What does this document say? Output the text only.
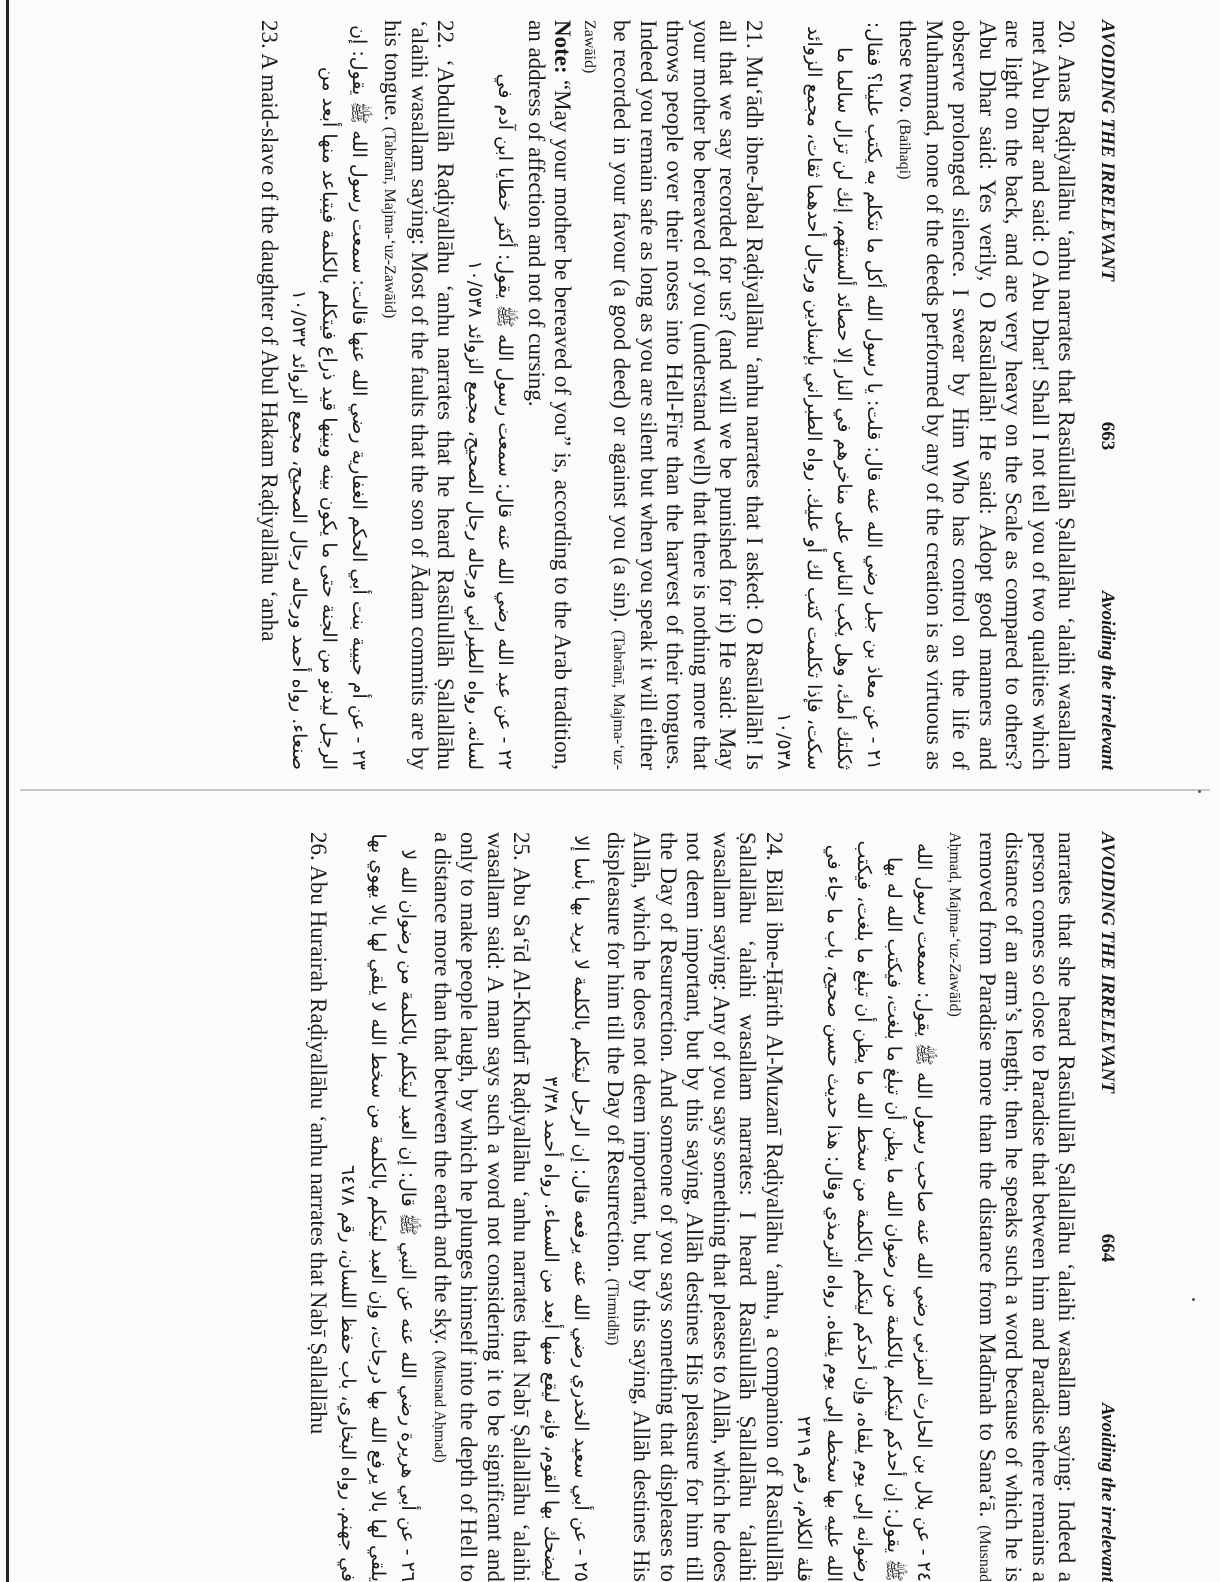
AVOIDING THE IRRELEVANT
663
Avoiding the irrelevant

20. Anas Raḍiyallāhu ‘anhu narrates that Rasūlullāh Ṣallallāhu ‘alaihi wasallam met Abu Dhar and said: O Abu Dhar! Shall I not tell you of two qualities which are light on the back, and are very heavy on the Scale as compared to others? Abu Dhar said: Yes verily, O Rasūlallāh! He said: Adopt good manners and observe prolonged silence. I swear by Him Who has control on the life of Muhammad, none of the deeds performed by any of the creation is as virtuous as these two. (Baihaqi)

٢١ - عن معاذ بن جبل رضي الله عنه قال: قلت: يا رسول الله أكل ما نتكلم به يكتب علينا؟ فقال: ثكلتك أمك، وهل يكب الناس على مناخرهم في النار إلا حصائد ألسنتهم، إنك لن تزال سالما ما سكت، فإذا تكلمت كتب لك أو عليك. رواه الطبراني بإسنادين ورجال أحدهما ثقات، مجمع الزوائد ١٠/٥٣٨

21. Mu‘ādh ibne-Jabal Raḍiyallāhu ‘anhu narrates that I asked: O Rasūlallāh! Is all that we say recorded for us? (and will we be punished for it) He said: May your mother be bereaved of you (understand well) that there is nothing more that throws people over their noses into Hell-Fire than the harvest of their tongues. Indeed you remain safe as long as you are silent but when you speak it will either be recorded in your favour (a good deed) or against you (a sin). (Tabrānī, Majma-‘uz-Zawāid)

Note: “May your mother be bereaved of you” is, according to the Arab tradition, an address of affection and not of cursing.

٢٢ - عن عبد الله رضي الله عنه قال: سمعت رسول الله ﷺ يقول: أكثر خطايا ابن آدم في لسانه. رواه الطبراني ورجاله رجال الصحيح، مجمع الزوائد ١٠/٥٣٨

22. ‘Abdullāh Raḍiyallāhu ‘anhu narrates that he heard Rasūlullāh Ṣallallāhu ‘alaihi wasallam saying: Most of the faults that the son of Ādam commits are by his tongue. (Tabrānī, Majma-‘uz-Zawāid)

٢٣ - عن أم حبيبة بنت أبي الحكم الغفارية رضي الله عنها قالت: سمعت رسول الله ﷺ يقول: إن الرجل ليدنو من الجنة حتى ما يكون بينه وبينها قيد ذراع فيتكلم بالكلمة فيتباعد منها أبعد من صنعاء. رواه أحمد ورجاله رجال الصحيح، مجمع الزوائد ١٠/٥٣٢

23. A maid-slave of the daughter of Abul Hakam Raḍiyallāhu ‘anha

AVOIDING THE IRRELEVANT
664
Avoiding the irrelevant

narrates that she heard Rasūlullāh Ṣallallāhu ‘alaihi wasallam saying: Indeed a person comes so close to Paradise that between him and Paradise there remains a distance of an arm’s length; then he speaks such a word because of which he is removed from Paradise more than the distance from Madīnah to Sana‘ā. (Musnad Aḥmad, Majma-‘uz-Zawāid)

٢٤ - عن بلال بن الحارث المزني رضي الله عنه صاحب رسول الله ﷺ يقول: سمعت رسول الله ﷺ يقول: إن أحدكم ليتكلم بالكلمة من رضوان الله ما يظن أن تبلغ ما بلغت، فيكتب الله له بها رضوانه إلى يوم يلقاه، وإن أحدكم ليتكلم بالكلمة من سخط الله ما يظن أن تبلغ ما بلغت، فيكتب الله عليه بها سخطه إلى يوم يلقاه. رواه الترمذي وقال: هذا حديث حسن صحيح، باب ما جاء في قلة الكلام، رقم ٢٣١٩

24. Bilāl ibne-Ḥārith Al-Muzanī Raḍiyallāhu ‘anhu, a companion of Rasūlullāh Ṣallallāhu ‘alaihi wasallam narrates: I heard Rasūlullāh Ṣallallāhu ‘alaihi wasallam saying: Any of you says something that pleases to Allāh, which he does not deem important, but by this saying, Allāh destines His pleasure for him till the Day of Resurrection. And someone of you says something that displeases to Allāh, which he does not deem important, but by this saying, Allāh destines His displeasure for him till the Day of Resurrection. (Tirmidhī)

٢٥ - عن أبي سعيد الخدري رضي الله عنه يرفعه قال: إن الرجل ليتكلم بالكلمة لا يريد بها بأسا إلا ليضحك بها القوم، فإنه ليقع منها أبعد من السماء. رواه أحمد ٣/٣٨

25. Abu Sa‘īd Al-Khudrī Raḍiyallāhu ‘anhu narrates that Nabī Ṣallallāhu ‘alaihi wasallam said: A man says such a word not considering it to be significant and only to make people laugh, by which he plunges himself into the depth of Hell to a distance more than that between the earth and the sky. (Musnad Aḥmad)

٢٦ - عن أبي هريرة رضي الله عنه عن النبي ﷺ قال: إن العبد ليتكلم بالكلمة من رضوان الله لا يلقي لها بالا يرفع الله بها درجات، وإن العبد ليتكلم بالكلمة من سخط الله لا يلقي لها بالا يهوي بها في جهنم. رواه البخاري، باب حفظ اللسان، رقم ٦٤٧٨

26. Abu Hurairah Raḍiyallāhu ‘anhu narrates that Nabī Ṣallallāhu
